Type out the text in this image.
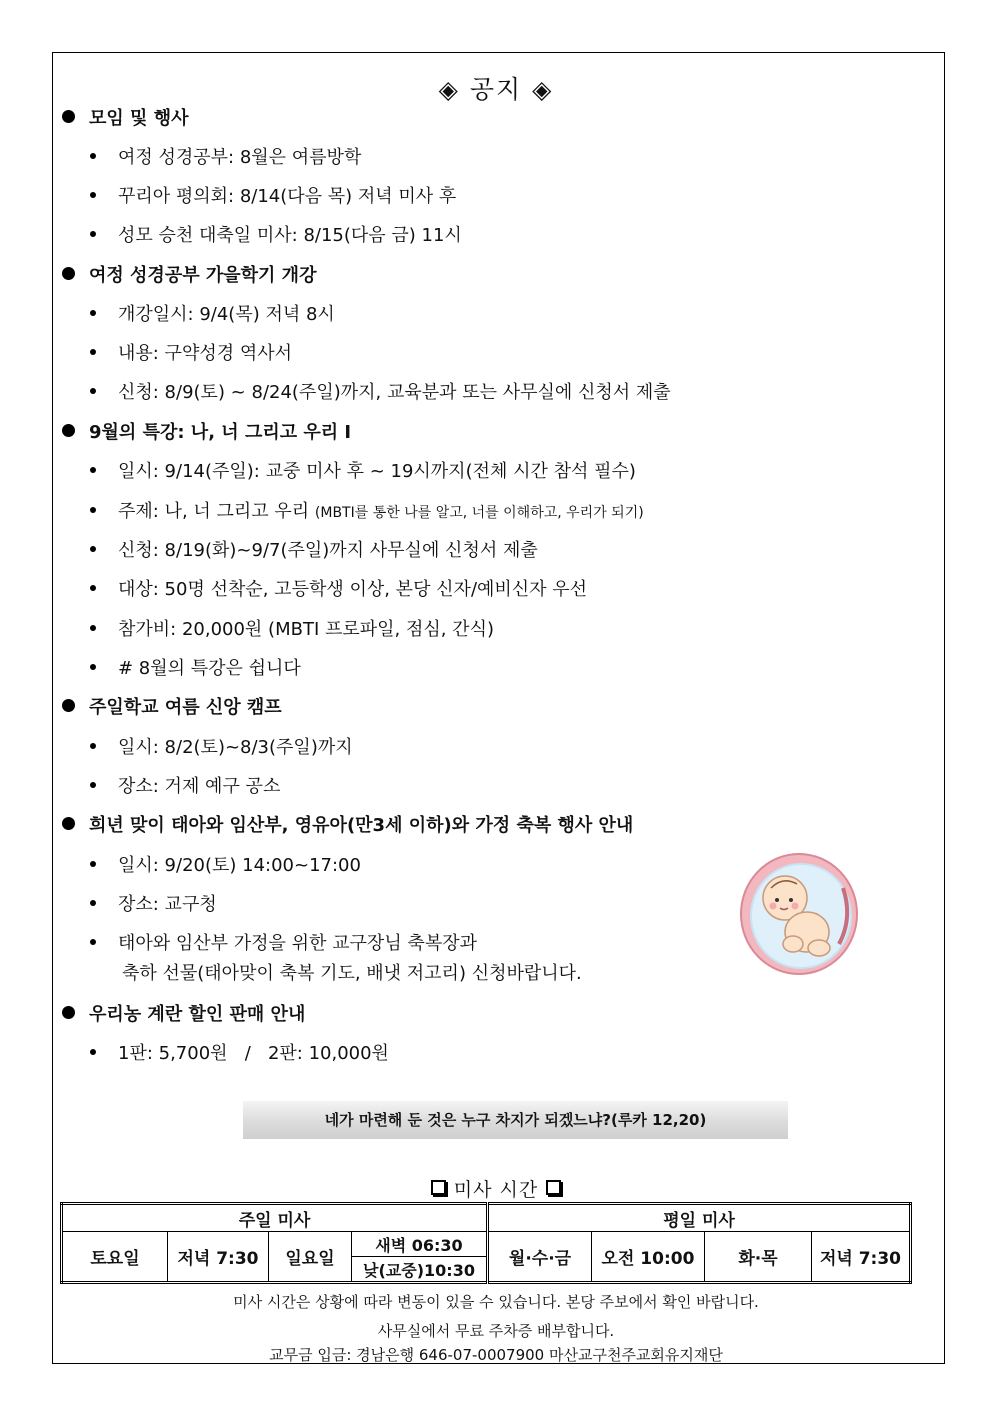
◈ 공지 ◈
모임 및 행사
여정 성경공부: 8월은 여름방학
꾸리아 평의회: 8/14(다음 목) 저녁 미사 후
성모 승천 대축일 미사: 8/15(다음 금) 11시
여정 성경공부 가을학기 개강
개강일시: 9/4(목) 저녁 8시
내용: 구약성경 역사서
신청: 8/9(토) ~ 8/24(주일)까지, 교육분과 또는 사무실에 신청서 제출
9월의 특강: 나, 너 그리고 우리 I
일시: 9/14(주일): 교중 미사 후 ~ 19시까지(전체 시간 참석 필수)
주제: 나, 너 그리고 우리 (MBTI를 통한 나를 알고, 너를 이해하고, 우리가 되기)
신청: 8/19(화)~9/7(주일)까지 사무실에 신청서 제출
대상: 50명 선착순, 고등학생 이상, 본당 신자/예비신자 우선
참가비: 20,000원 (MBTI 프로파일, 점심, 간식)
# 8월의 특강은 쉽니다
주일학교 여름 신앙 캠프
일시: 8/2(토)~8/3(주일)까지
장소: 거제 예구 공소
희년 맞이 태아와 임산부, 영유아(만3세 이하)와 가정 축복 행사 안내
일시: 9/20(토) 14:00~17:00
장소: 교구청
태아와 임산부 가정을 위한 교구장님 축복장과
축하 선물(태아맞이 축복 기도, 배냇 저고리) 신청바랍니다.
우리농 계란 할인 판매 안내
1판: 5,700원   /   2판: 10,000원
네가 마련해 둔 것은 누구 차지가 되겠느냐?(루카 12,20)
미사 시간
주일 미사				평일 미사			
토요일	저녁 7:30	일요일	새벽 06:30	월·수·금	오전 10:00	화·목	저녁 7:30
			낮(교중)10:30				
미사 시간은 상황에 따라 변동이 있을 수 있습니다. 본당 주보에서 확인 바랍니다.
사무실에서 무료 주차증 배부합니다.
교무금 입금: 경남은행 646-07-0007900 마산교구천주교회유지재단
